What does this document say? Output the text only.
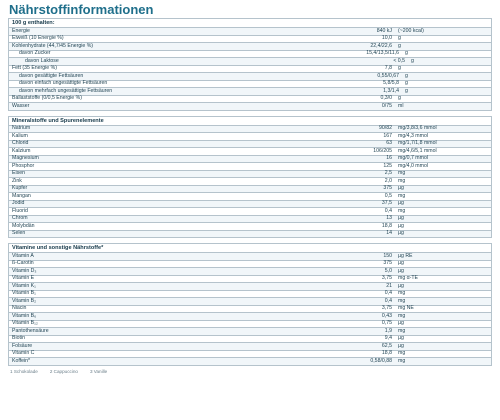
Nährstoffinformationen
100 g enthalten:
Energie	840 kJ	(~200 kcal)
Eiweiß (10 Energie %)	10,0	g
Kohlenhydrate (44,7/45 Energie %)	22,4/22,6	g
davon Zucker	15,4/13,5/11,6	g
davon Laktose	< 0,5	g
Fett (35 Energie %)	7,8	g
davon gesättigte Fettsäuren	0,55/0,67	g
davon einfach ungesättigte Fettsäuren	5,8/5,8	g
davon mehrfach ungesättigte Fettsäuren	1,3/1,4	g
Ballaststoffe (0/0,5 Energie %)	0,3/0	g
Wasser	0/75	ml
Mineralstoffe und Spurenelemente
Natrium	90/82	mg/3,8/3,6 mmol
Kalium	167	mg/4,3 mmol
Chlorid	63	mg/1,7/1,8 mmol
Kalzium	106/205	mg/4,6/5,1 mmol
Magnesium	16	mg/0,7 mmol
Phosphor	125	mg/4,0 mmol
Eisen	2,5	mg
Zink	2,0	mg
Kupfer	375	µg
Mangan	0,5	mg
Jodid	37,5	µg
Fluorid	0,4	mg
Chrom	13	µg
Molybdän	18,8	µg
Selen	14	µg
Vitamine und sonstige Nährstoffe*
Vitamin A	150	µg RE
ß-Carotin	375	µg
Vitamin D₃	5,0	µg
Vitamin E	3,75	mg α-TE
Vitamin K₁	21	µg
Vitamin B₁	0,4	mg
Vitamin B₂	0,4	mg
Niacin	3,75	mg NE
Vitamin B₆	0,43	mg
Vitamin B₁₂	0,75	µg
Pantothensäure	1,9	mg
Biotin	9,4	µg
Folsäure	62,5	µg
Vitamin C	18,8	mg
Koffein*	0,58/0,88	mg
1 Schokolade	2 Cappuccino	3 Vanille
